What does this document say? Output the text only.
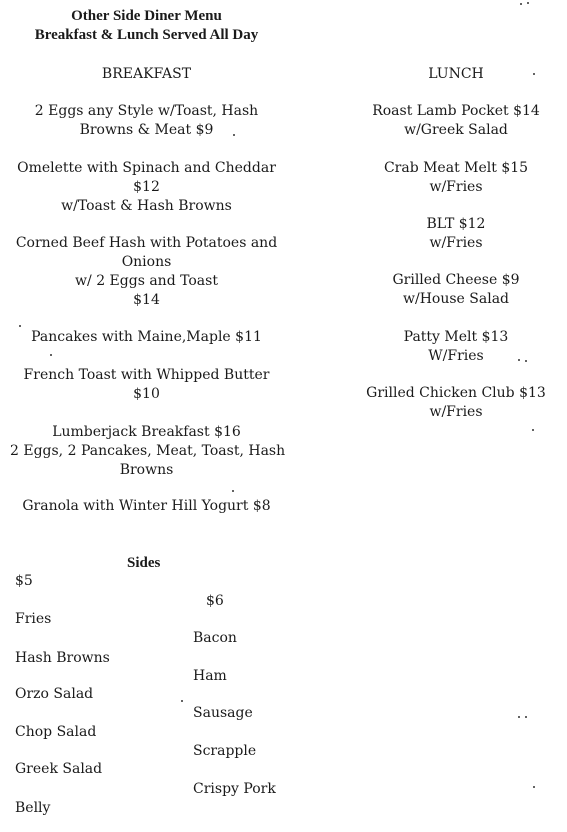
Other Side Diner Menu
Breakfast & Lunch Served All Day
BREAKFAST
2 Eggs any Style w/Toast, Hash
Browns & Meat $9
Omelette with Spinach and Cheddar
$12
w/Toast & Hash Browns
Corned Beef Hash with Potatoes and
Onions
w/ 2 Eggs and Toast
$14
Pancakes with Maine,Maple $11
French Toast with Whipped Butter
$10
Lumberjack Breakfast $16
2 Eggs, 2 Pancakes, Meat, Toast, Hash
Browns
Granola with Winter Hill Yogurt $8
LUNCH
Roast Lamb Pocket $14
w/Greek Salad
Crab Meat Melt $15
w/Fries
BLT $12
w/Fries
Grilled Cheese $9
w/House Salad
Patty Melt $13
W/Fries
Grilled Chicken Club $13
w/Fries
Sides
$5
Fries
Hash Browns
Orzo Salad
Chop Salad
Greek Salad
Belly
$6
Bacon
Ham
Sausage
Scrapple
Crispy Pork
